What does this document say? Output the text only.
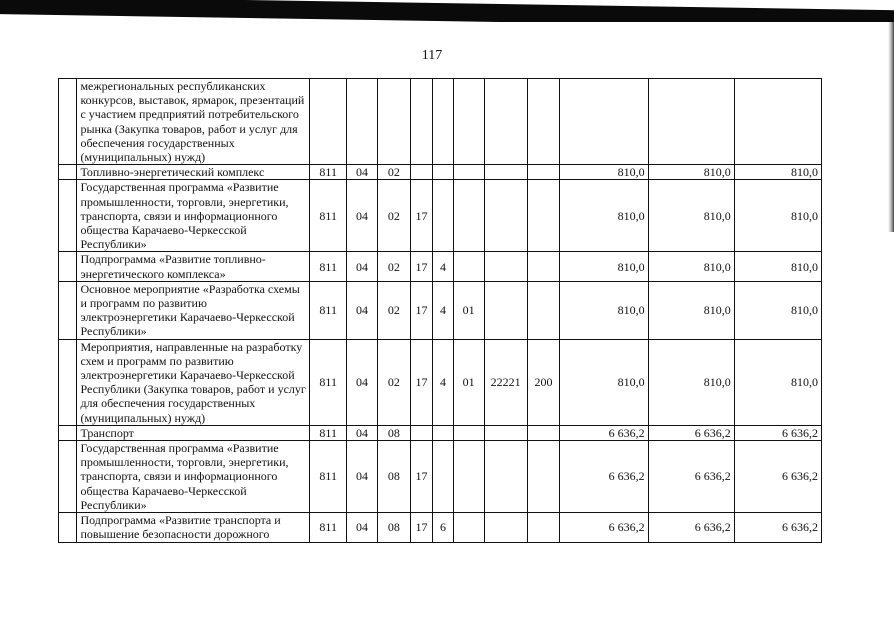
117
	межрегиональных республиканских конкурсов, выставок, ярмарок, презентаций с участием предприятий потребительского рынка (Закупка товаров, работ и услуг для обеспечения государственных (муниципальных) нужд)											
	Топливно-энергетический комплекс	811	04	02						810,0	810,0	810,0
	Государственная программа «Развитие промышленности, торговли, энергетики, транспорта, связи и информационного общества Карачаево-Черкесской Республики»	811	04	02	17					810,0	810,0	810,0
	Подпрограмма «Развитие топливно-энергетического комплекса»	811	04	02	17	4				810,0	810,0	810,0
	Основное мероприятие «Разработка схемы и программ по развитию электроэнергетики Карачаево-Черкесской Республики»	811	04	02	17	4	01			810,0	810,0	810,0
	Мероприятия, направленные на разработку схем и программ по развитию электроэнергетики Карачаево-Черкесской Республики (Закупка товаров, работ и услуг для обеспечения государственных (муниципальных) нужд)	811	04	02	17	4	01	22221	200	810,0	810,0	810,0
	Транспорт	811	04	08						6 636,2	6 636,2	6 636,2
	Государственная программа «Развитие промышленности, торговли, энергетики, транспорта, связи и информационного общества Карачаево-Черкесской Республики»	811	04	08	17					6 636,2	6 636,2	6 636,2
	Подпрограмма «Развитие транспорта и повышение безопасности дорожного	811	04	08	17	6				6 636,2	6 636,2	6 636,2
